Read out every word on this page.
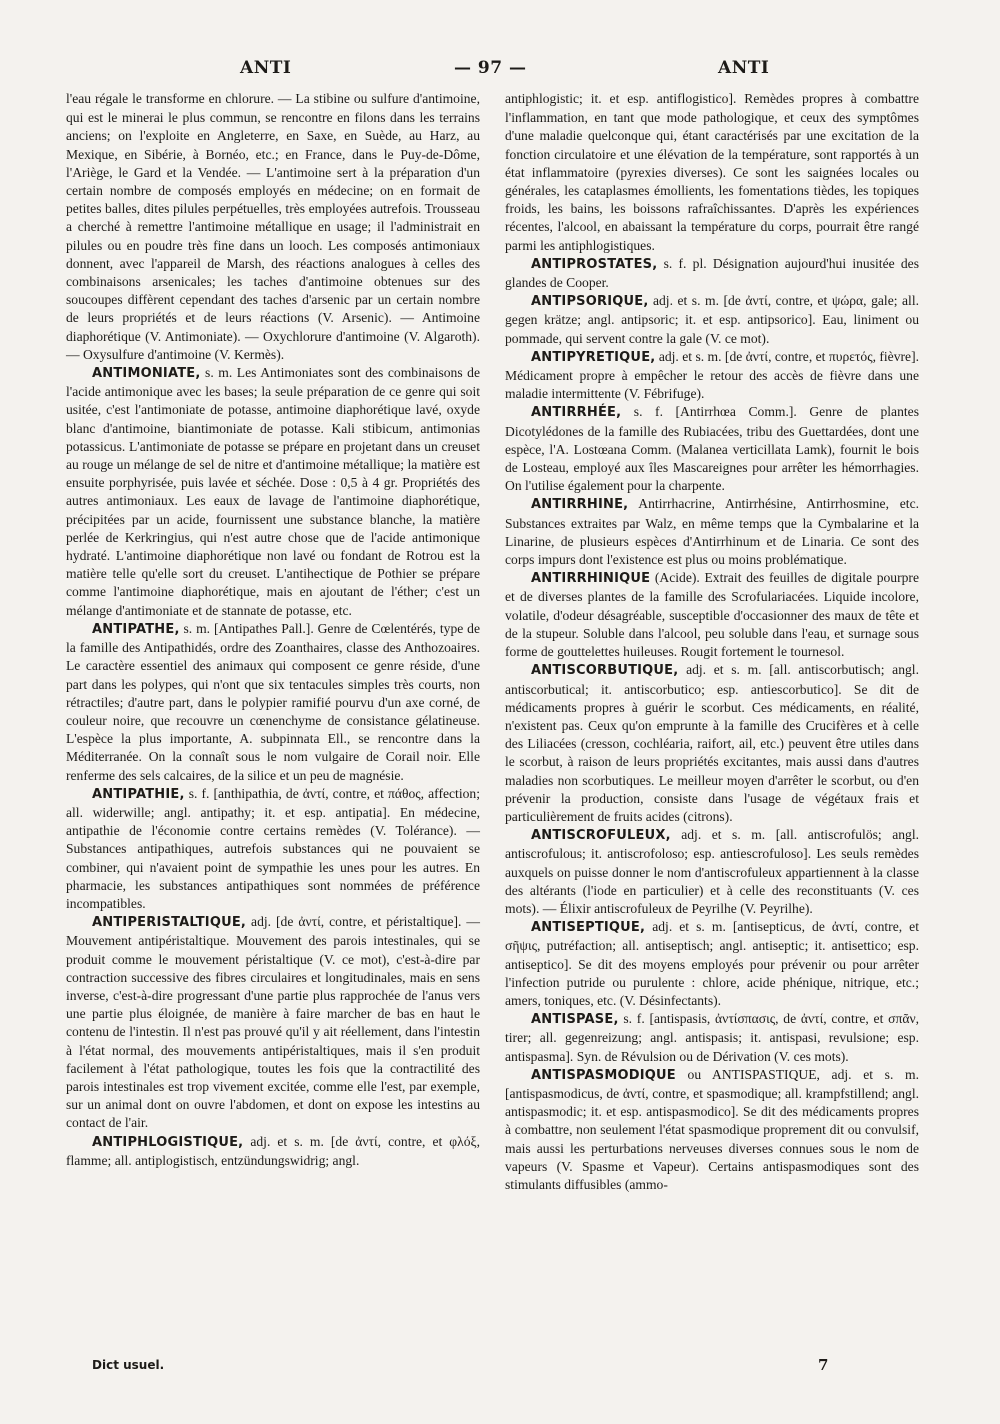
ANTI	— 97 —	ANTI

l'eau régale le transforme en chlorure. — La stibine ou sulfure d'antimoine, qui est le minerai le plus commun, se rencontre en filons dans les terrains anciens; on l'exploite en Angleterre, en Saxe, en Suède, au Harz, au Mexique, en Sibérie, à Bornéo, etc.; en France, dans le Puy-de-Dôme, l'Ariège, le Gard et la Vendée. — L'antimoine sert à la préparation d'un certain nombre de composés employés en médecine; on en formait de petites balles, dites pilules perpétuelles, très employées autrefois. Trousseau a cherché à remettre l'antimoine métallique en usage; il l'administrait en pilules ou en poudre très fine dans un looch. Les composés antimoniaux donnent, avec l'appareil de Marsh, des réactions analogues à celles des combinaisons arsenicales; les taches d'antimoine obtenues sur des soucoupes diffèrent cependant des taches d'arsenic par un certain nombre de leurs propriétés et de leurs réactions (V. Arsenic). — Antimoine diaphorétique (V. Antimoniate). — Oxychlorure d'antimoine (V. Algaroth). — Oxysulfure d'antimoine (V. Kermès).

ANTIMONIATE, s. m. Les Antimoniates sont des combinaisons de l'acide antimonique avec les bases; la seule préparation de ce genre qui soit usitée, c'est l'antimoniate de potasse, antimoine diaphorétique lavé, oxyde blanc d'antimoine, biantimoniate de potasse. Kali stibicum, antimonias potassicus. L'antimoniate de potasse se prépare en projetant dans un creuset au rouge un mélange de sel de nitre et d'antimoine métallique; la matière est ensuite porphyrisée, puis lavée et séchée. Dose : 0,5 à 4 gr. Propriétés des autres antimoniaux. Les eaux de lavage de l'antimoine diaphorétique, précipitées par un acide, fournissent une substance blanche, la matière perlée de Kerkringius, qui n'est autre chose que de l'acide antimonique hydraté. L'antimoine diaphorétique non lavé ou fondant de Rotrou est la matière telle qu'elle sort du creuset. L'antihectique de Pothier se prépare comme l'antimoine diaphorétique, mais en ajoutant de l'éther; c'est un mélange d'antimoniate et de stannate de potasse, etc.

ANTIPATHE, s. m. [Antipathes Pall.]. Genre de Cœlentérés, type de la famille des Antipathidés, ordre des Zoanthaires, classe des Anthozoaires. Le caractère essentiel des animaux qui composent ce genre réside, d'une part dans les polypes, qui n'ont que six tentacules simples très courts, non rétractiles; d'autre part, dans le polypier ramifié pourvu d'un axe corné, de couleur noire, que recouvre un cœnenchyme de consistance gélatineuse. L'espèce la plus importante, A. subpinnata Ell., se rencontre dans la Méditerranée. On la connaît sous le nom vulgaire de Corail noir. Elle renferme des sels calcaires, de la silice et un peu de magnésie.

ANTIPATHIE, s. f. [anthipathia, de ἀντί, contre, et πάθος, affection; all. widerwille; angl. antipathy; it. et esp. antipatia]. En médecine, antipathie de l'économie contre certains remèdes (V. Tolérance). — Substances antipathiques, autrefois substances qui ne pouvaient se combiner, qui n'avaient point de sympathie les unes pour les autres. En pharmacie, les substances antipathiques sont nommées de préférence incompatibles.

ANTIPERISTALTIQUE, adj. [de ἀντί, contre, et péristaltique]. — Mouvement antipéristaltique. Mouvement des parois intestinales, qui se produit comme le mouvement péristaltique (V. ce mot), c'est-à-dire par contraction successive des fibres circulaires et longitudinales, mais en sens inverse, c'est-à-dire progressant d'une partie plus rapprochée de l'anus vers une partie plus éloignée, de manière à faire marcher de bas en haut le contenu de l'intestin. Il n'est pas prouvé qu'il y ait réellement, dans l'intestin à l'état normal, des mouvements antipéristaltiques, mais il s'en produit facilement à l'état pathologique, toutes les fois que la contractilité des parois intestinales est trop vivement excitée, comme elle l'est, par exemple, sur un animal dont on ouvre l'abdomen, et dont on expose les intestins au contact de l'air.

ANTIPHLOGISTIQUE, adj. et s. m. [de ἀντί, contre, et φλόξ, flamme; all. antiplogistisch, entzündungswidrig; angl.

antiphlogistic; it. et esp. antiflogistico]. Remèdes propres à combattre l'inflammation, en tant que mode pathologique, et ceux des symptômes d'une maladie quelconque qui, étant caractérisés par une excitation de la fonction circulatoire et une élévation de la température, sont rapportés à un état inflammatoire (pyrexies diverses). Ce sont les saignées locales ou générales, les cataplasmes émollients, les fomentations tièdes, les topiques froids, les bains, les boissons rafraîchissantes. D'après les expériences récentes, l'alcool, en abaissant la température du corps, pourrait être rangé parmi les antiphlogistiques.

ANTIPROSTATES, s. f. pl. Désignation aujourd'hui inusitée des glandes de Cooper.

ANTIPSORIQUE, adj. et s. m. [de ἀντί, contre, et ψώρα, gale; all. gegen krätze; angl. antipsoric; it. et esp. antipsorico]. Eau, liniment ou pommade, qui servent contre la gale (V. ce mot).

ANTIPYRETIQUE, adj. et s. m. [de ἀντί, contre, et πυρετός, fièvre]. Médicament propre à empêcher le retour des accès de fièvre dans une maladie intermittente (V. Fébrifuge).

ANTIRRHÉE, s. f. [Antirrhœa Comm.]. Genre de plantes Dicotylédones de la famille des Rubiacées, tribu des Guettardées, dont une espèce, l'A. Lostœana Comm. (Malanea verticillata Lamk), fournit le bois de Losteau, employé aux îles Mascareignes pour arrêter les hémorrhagies. On l'utilise également pour la charpente.

ANTIRRHINE, Antirrhacrine, Antirrhésine, Antirrhosmine, etc. Substances extraites par Walz, en même temps que la Cymbalarine et la Linarine, de plusieurs espèces d'Antirrhinum et de Linaria. Ce sont des corps impurs dont l'existence est plus ou moins problématique.

ANTIRRHINIQUE (Acide). Extrait des feuilles de digitale pourpre et de diverses plantes de la famille des Scrofulariacées. Liquide incolore, volatile, d'odeur désagréable, susceptible d'occasionner des maux de tête et de la stupeur. Soluble dans l'alcool, peu soluble dans l'eau, et surnage sous forme de gouttelettes huileuses. Rougit fortement le tournesol.

ANTISCORBUTIQUE, adj. et s. m. [all. antiscorbutisch; angl. antiscorbutical; it. antiscorbutico; esp. antiescorbutico]. Se dit de médicaments propres à guérir le scorbut. Ces médicaments, en réalité, n'existent pas. Ceux qu'on emprunte à la famille des Crucifères et à celle des Liliacées (cresson, cochléaria, raifort, ail, etc.) peuvent être utiles dans le scorbut, à raison de leurs propriétés excitantes, mais aussi dans d'autres maladies non scorbutiques. Le meilleur moyen d'arrêter le scorbut, ou d'en prévenir la production, consiste dans l'usage de végétaux frais et particulièrement de fruits acides (citrons).

ANTISCROFULEUX, adj. et s. m. [all. antiscrofulös; angl. antiscrofulous; it. antiscrofoloso; esp. antiescrofuloso]. Les seuls remèdes auxquels on puisse donner le nom d'antiscrofuleux appartiennent à la classe des altérants (l'iode en particulier) et à celle des reconstituants (V. ces mots). — Élixir antiscrofuleux de Peyrilhe (V. Peyrilhe).

ANTISEPTIQUE, adj. et s. m. [antisepticus, de ἀντί, contre, et σῆψις, putréfaction; all. antiseptisch; angl. antiseptic; it. antisettico; esp. antiseptico]. Se dit des moyens employés pour prévenir ou pour arrêter l'infection putride ou purulente : chlore, acide phénique, nitrique, etc.; amers, toniques, etc. (V. Désinfectants).

ANTISPASE, s. f. [antispasis, ἀντίσπασις, de ἀντί, contre, et σπᾶν, tirer; all. gegenreizung; angl. antispasis; it. antispasi, revulsione; esp. antispasma]. Syn. de Révulsion ou de Dérivation (V. ces mots).

ANTISPASMODIQUE ou ANTISPASTIQUE, adj. et s. m. [antispasmodicus, de ἀντί, contre, et spasmodique; all. krampfstillend; angl. antispasmodic; it. et esp. antispasmodico]. Se dit des médicaments propres à combattre, non seulement l'état spasmodique proprement dit ou convulsif, mais aussi les perturbations nerveuses diverses connues sous le nom de vapeurs (V. Spasme et Vapeur). Certains antispasmodiques sont des stimulants diffusibles (ammo-

Dict usuel.	7
